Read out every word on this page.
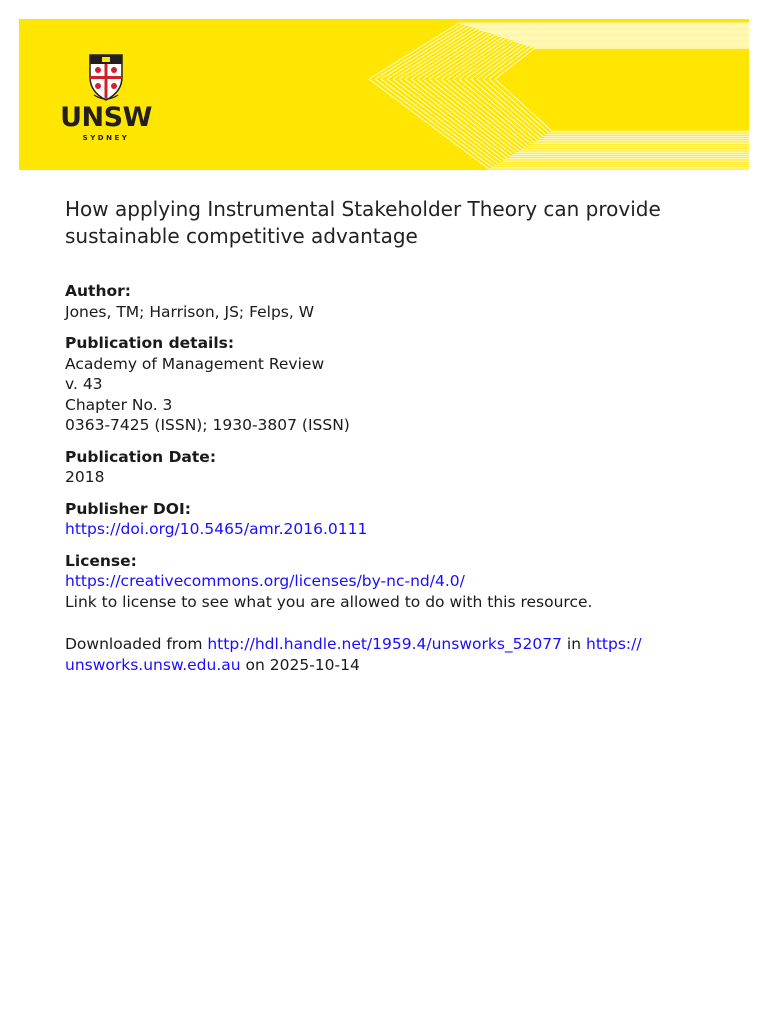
UNSW
SYDNEY
How applying Instrumental Stakeholder Theory can provide sustainable competitive advantage
Author:
Jones, TM; Harrison, JS; Felps, W
Publication details:
Academy of Management Review
v. 43
Chapter No. 3
0363-7425 (ISSN); 1930-3807 (ISSN)
Publication Date:
2018
Publisher DOI:
https://doi.org/10.5465/amr.2016.0111
License:
https://creativecommons.org/licenses/by-nc-nd/4.0/
Link to license to see what you are allowed to do with this resource.
Downloaded from http://hdl.handle.net/1959.4/unsworks_52077 in https://
unsworks.unsw.edu.au on 2025-10-14
